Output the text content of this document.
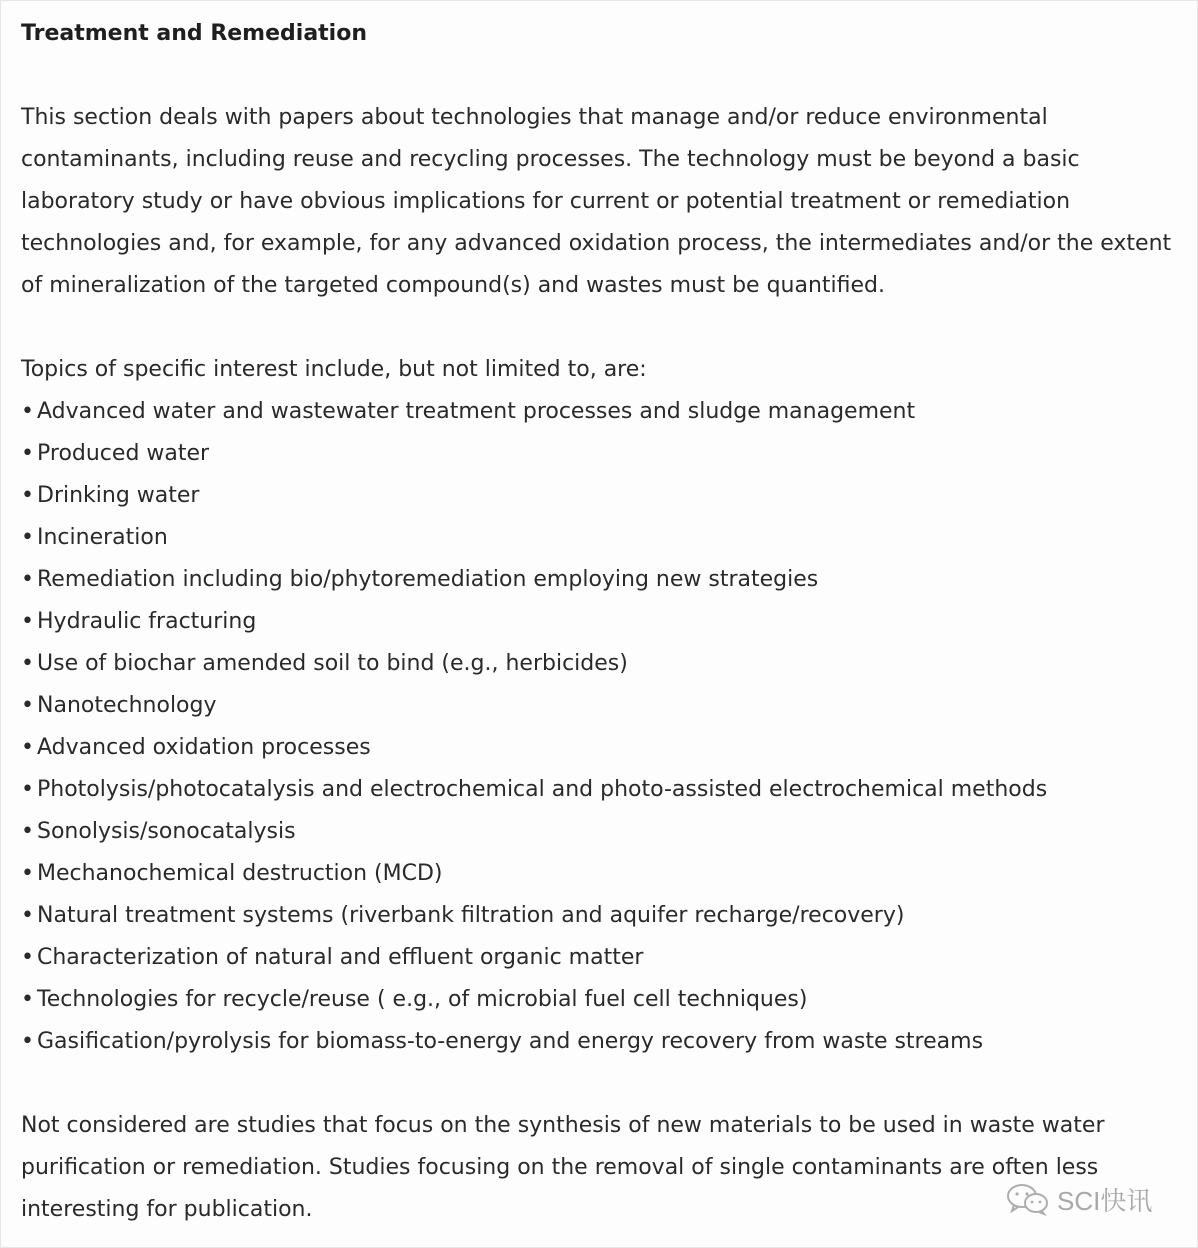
Treatment and Remediation

This section deals with papers about technologies that manage and/or reduce environmental contaminants, including reuse and recycling processes. The technology must be beyond a basic laboratory study or have obvious implications for current or potential treatment or remediation technologies and, for example, for any advanced oxidation process, the intermediates and/or the extent of mineralization of the targeted compound(s) and wastes must be quantified.

Topics of specific interest include, but not limited to, are:

• Advanced water and wastewater treatment processes and sludge management
• Produced water
• Drinking water
• Incineration
• Remediation including bio/phytoremediation employing new strategies
• Hydraulic fracturing
• Use of biochar amended soil to bind (e.g., herbicides)
• Nanotechnology
• Advanced oxidation processes
• Photolysis/photocatalysis and electrochemical and photo-assisted electrochemical methods
• Sonolysis/sonocatalysis
• Mechanochemical destruction (MCD)
• Natural treatment systems (riverbank filtration and aquifer recharge/recovery)
• Characterization of natural and effluent organic matter
• Technologies for recycle/reuse ( e.g., of microbial fuel cell techniques)
• Gasification/pyrolysis for biomass-to-energy and energy recovery from waste streams

Not considered are studies that focus on the synthesis of new materials to be used in waste water purification or remediation. Studies focusing on the removal of single contaminants are often less interesting for publication.	SCI快讯
